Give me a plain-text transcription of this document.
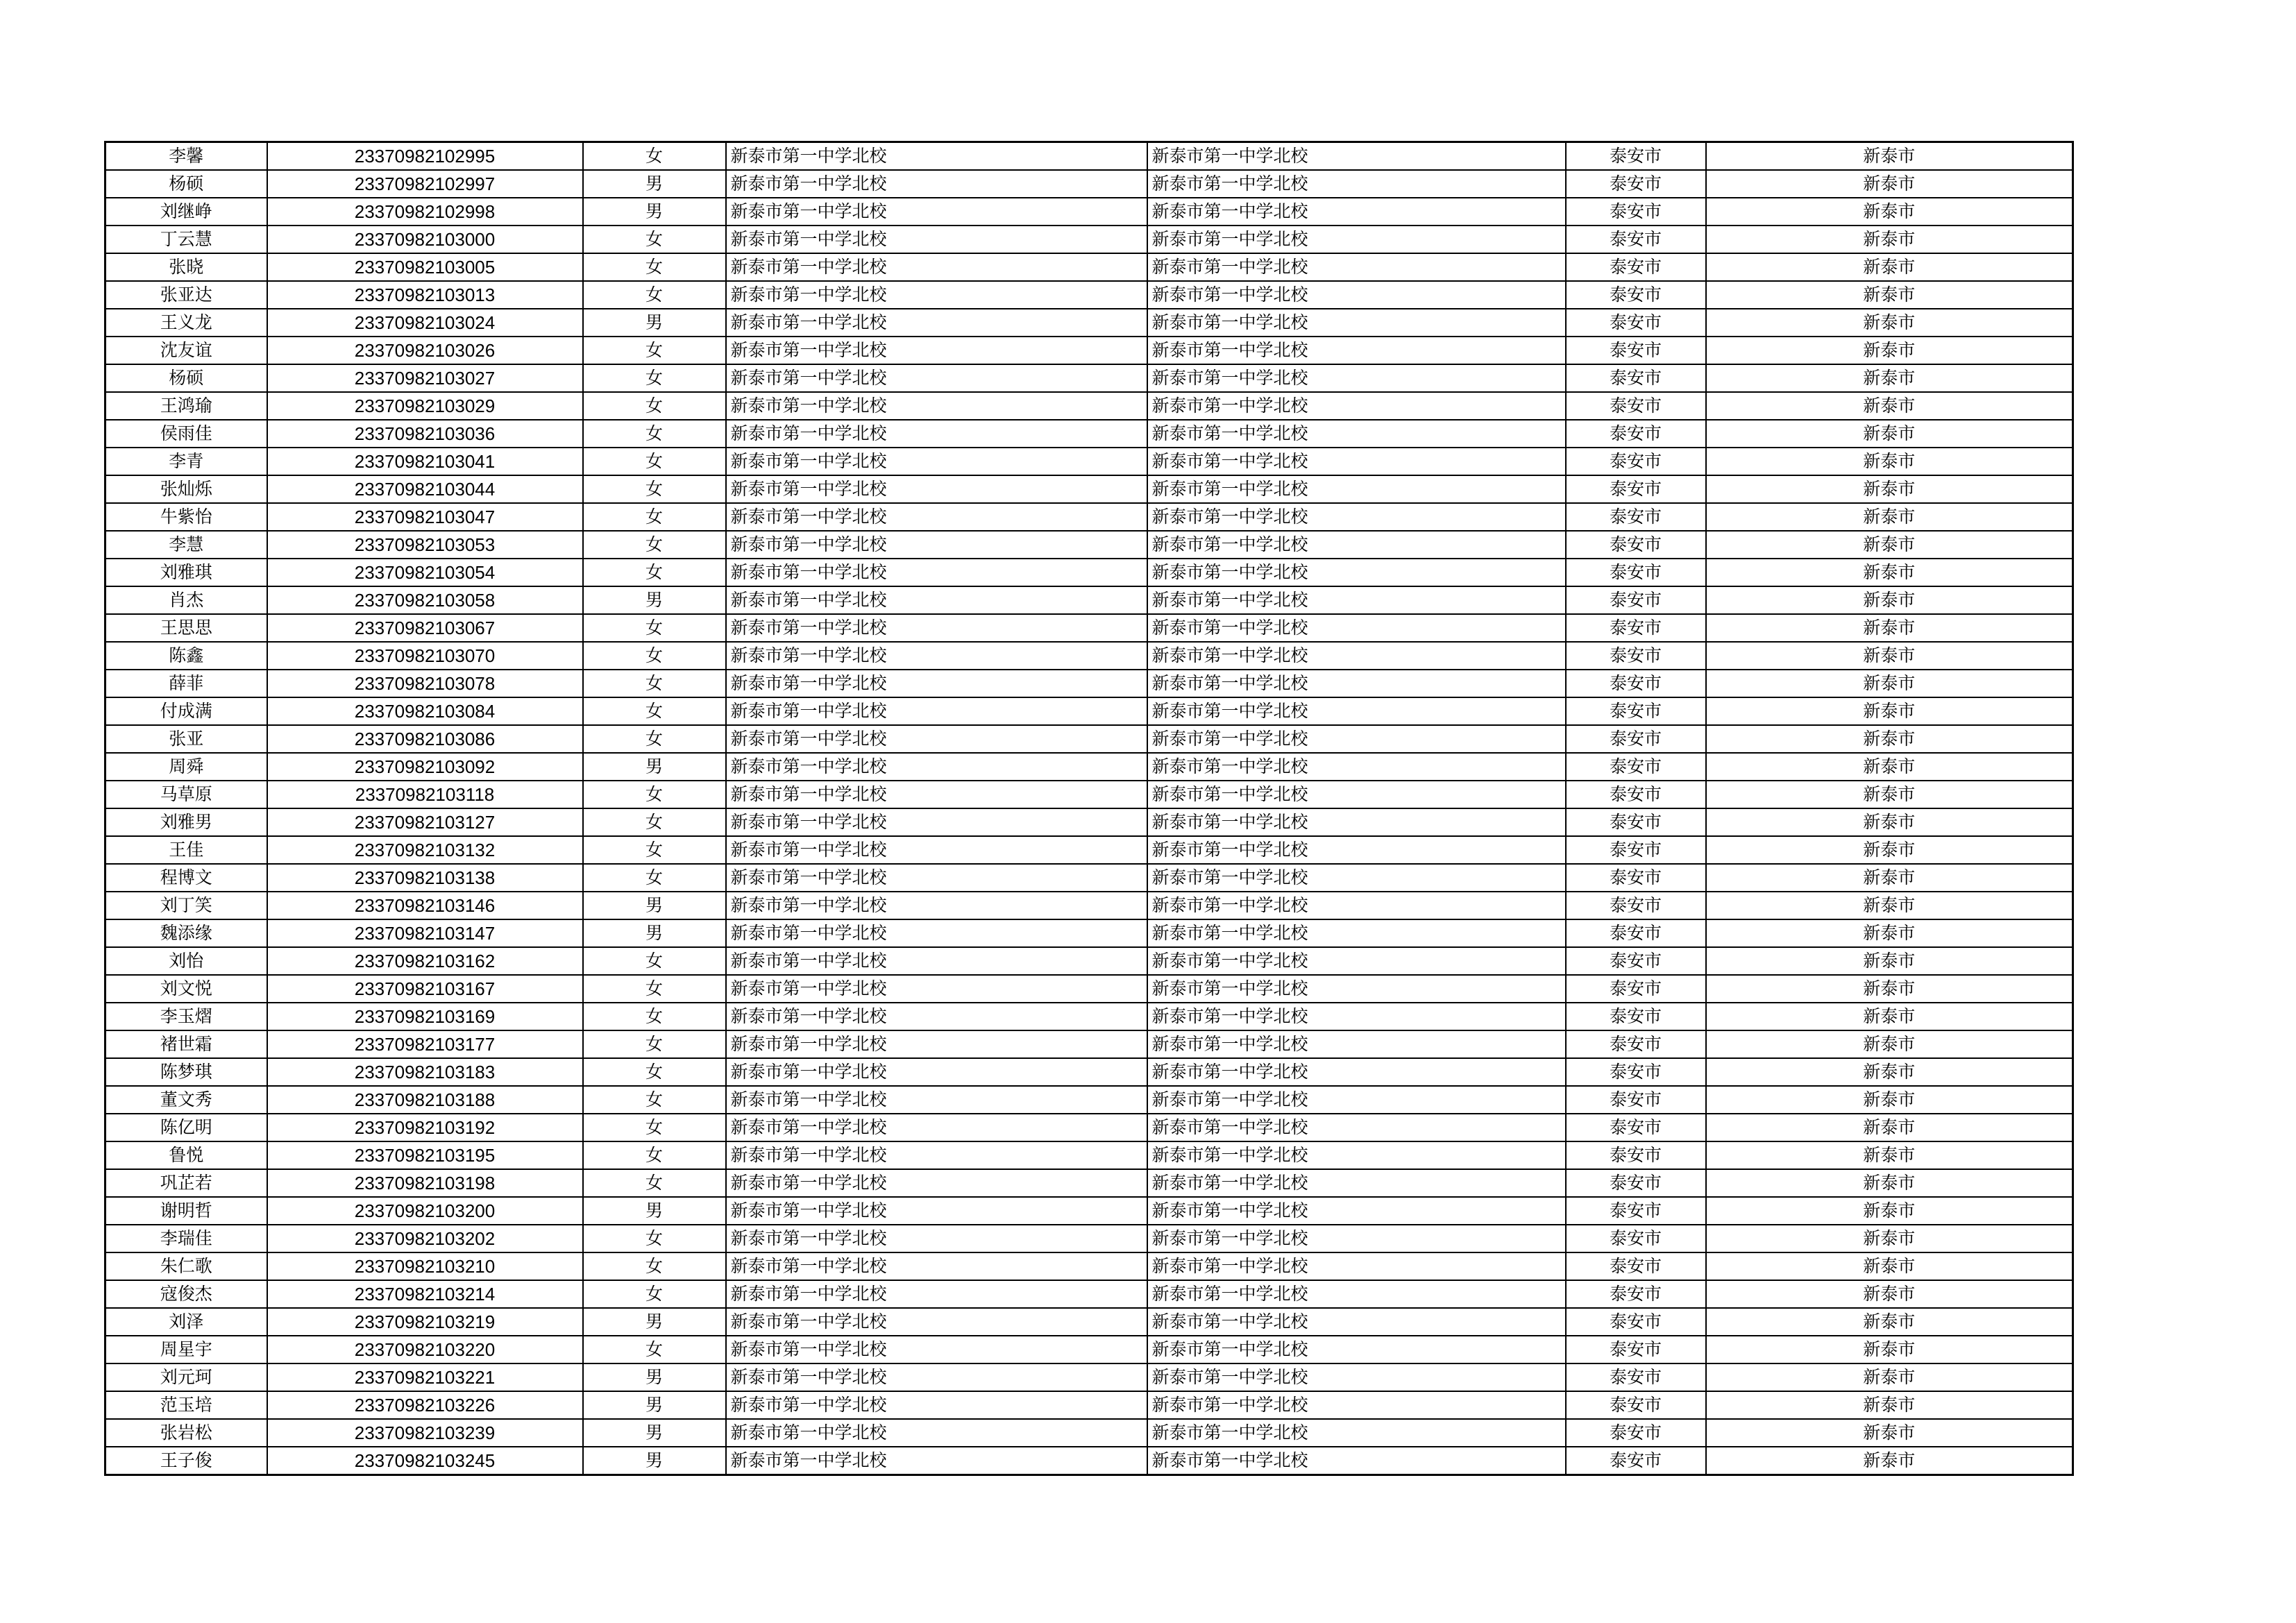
李馨	23370982102995	女	新泰市第一中学北校	新泰市第一中学北校	泰安市	新泰市
杨硕	23370982102997	男	新泰市第一中学北校	新泰市第一中学北校	泰安市	新泰市
刘继峥	23370982102998	男	新泰市第一中学北校	新泰市第一中学北校	泰安市	新泰市
丁云慧	23370982103000	女	新泰市第一中学北校	新泰市第一中学北校	泰安市	新泰市
张晓	23370982103005	女	新泰市第一中学北校	新泰市第一中学北校	泰安市	新泰市
张亚达	23370982103013	女	新泰市第一中学北校	新泰市第一中学北校	泰安市	新泰市
王义龙	23370982103024	男	新泰市第一中学北校	新泰市第一中学北校	泰安市	新泰市
沈友谊	23370982103026	女	新泰市第一中学北校	新泰市第一中学北校	泰安市	新泰市
杨硕	23370982103027	女	新泰市第一中学北校	新泰市第一中学北校	泰安市	新泰市
王鸿瑜	23370982103029	女	新泰市第一中学北校	新泰市第一中学北校	泰安市	新泰市
侯雨佳	23370982103036	女	新泰市第一中学北校	新泰市第一中学北校	泰安市	新泰市
李青	23370982103041	女	新泰市第一中学北校	新泰市第一中学北校	泰安市	新泰市
张灿烁	23370982103044	女	新泰市第一中学北校	新泰市第一中学北校	泰安市	新泰市
牛紫怡	23370982103047	女	新泰市第一中学北校	新泰市第一中学北校	泰安市	新泰市
李慧	23370982103053	女	新泰市第一中学北校	新泰市第一中学北校	泰安市	新泰市
刘雅琪	23370982103054	女	新泰市第一中学北校	新泰市第一中学北校	泰安市	新泰市
肖杰	23370982103058	男	新泰市第一中学北校	新泰市第一中学北校	泰安市	新泰市
王思思	23370982103067	女	新泰市第一中学北校	新泰市第一中学北校	泰安市	新泰市
陈鑫	23370982103070	女	新泰市第一中学北校	新泰市第一中学北校	泰安市	新泰市
薛菲	23370982103078	女	新泰市第一中学北校	新泰市第一中学北校	泰安市	新泰市
付成满	23370982103084	女	新泰市第一中学北校	新泰市第一中学北校	泰安市	新泰市
张亚	23370982103086	女	新泰市第一中学北校	新泰市第一中学北校	泰安市	新泰市
周舜	23370982103092	男	新泰市第一中学北校	新泰市第一中学北校	泰安市	新泰市
马草原	23370982103118	女	新泰市第一中学北校	新泰市第一中学北校	泰安市	新泰市
刘雅男	23370982103127	女	新泰市第一中学北校	新泰市第一中学北校	泰安市	新泰市
王佳	23370982103132	女	新泰市第一中学北校	新泰市第一中学北校	泰安市	新泰市
程博文	23370982103138	女	新泰市第一中学北校	新泰市第一中学北校	泰安市	新泰市
刘丁笑	23370982103146	男	新泰市第一中学北校	新泰市第一中学北校	泰安市	新泰市
魏添缘	23370982103147	男	新泰市第一中学北校	新泰市第一中学北校	泰安市	新泰市
刘怡	23370982103162	女	新泰市第一中学北校	新泰市第一中学北校	泰安市	新泰市
刘文悦	23370982103167	女	新泰市第一中学北校	新泰市第一中学北校	泰安市	新泰市
李玉熠	23370982103169	女	新泰市第一中学北校	新泰市第一中学北校	泰安市	新泰市
褚世霜	23370982103177	女	新泰市第一中学北校	新泰市第一中学北校	泰安市	新泰市
陈梦琪	23370982103183	女	新泰市第一中学北校	新泰市第一中学北校	泰安市	新泰市
董文秀	23370982103188	女	新泰市第一中学北校	新泰市第一中学北校	泰安市	新泰市
陈亿明	23370982103192	女	新泰市第一中学北校	新泰市第一中学北校	泰安市	新泰市
鲁悦	23370982103195	女	新泰市第一中学北校	新泰市第一中学北校	泰安市	新泰市
巩芷若	23370982103198	女	新泰市第一中学北校	新泰市第一中学北校	泰安市	新泰市
谢明哲	23370982103200	男	新泰市第一中学北校	新泰市第一中学北校	泰安市	新泰市
李瑞佳	23370982103202	女	新泰市第一中学北校	新泰市第一中学北校	泰安市	新泰市
朱仁歌	23370982103210	女	新泰市第一中学北校	新泰市第一中学北校	泰安市	新泰市
寇俊杰	23370982103214	女	新泰市第一中学北校	新泰市第一中学北校	泰安市	新泰市
刘泽	23370982103219	男	新泰市第一中学北校	新泰市第一中学北校	泰安市	新泰市
周星宇	23370982103220	女	新泰市第一中学北校	新泰市第一中学北校	泰安市	新泰市
刘元珂	23370982103221	男	新泰市第一中学北校	新泰市第一中学北校	泰安市	新泰市
范玉培	23370982103226	男	新泰市第一中学北校	新泰市第一中学北校	泰安市	新泰市
张岩松	23370982103239	男	新泰市第一中学北校	新泰市第一中学北校	泰安市	新泰市
王子俊	23370982103245	男	新泰市第一中学北校	新泰市第一中学北校	泰安市	新泰市
